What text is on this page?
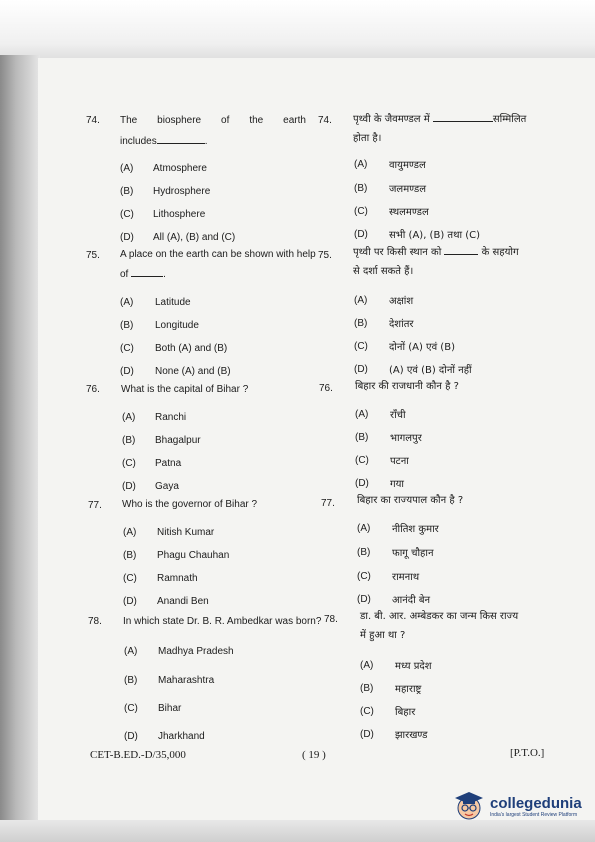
74. The biosphere of the earth
includes	.
74. पृथ्वी के जैवमण्डल में	सम्मिलित
होता है।
75. A place on the earth can be shown with help
of	.
75. पृथ्वी पर किसी स्थान को	के सहयोग
से दर्शा सकते हैं।
76. What is the capital of Bihar ?	76. बिहार की राजधानी कौन है ?
77. Who is the governor of Bihar ?	77. बिहार का राज्यपाल कौन है ?
78. In which state Dr. B. R. Ambedkar was born? 78. डा. बी. आर. अम्बेडकर का जन्म किस राज्य
में हुआ था ?
(A) Atmosphere	(A) वायुमण्डल
(B) Hydrosphere	(B) जलमण्डल
(C) Lithosphere	(C) स्थलमण्डल
(D) All (A), (B) and (C)	(D) सभी (A), (B) तथा (C)
(A) Latitude	(A) अक्षांश
(B) Longitude	(B) देशांतर
(C) Both (A) and (B)	(C) दोनों (A) एवं (B)
(D) None (A) and (B)	(D) (A) एवं (B) दोनों नहीं
(A) Ranchi	(A) राँची
(B) Bhagalpur	(B) भागलपुर
(C) Patna	(C) पटना
(D) Gaya	(D) गया
(A) Nitish Kumar	(A) नीतिश कुमार
(B) Phagu Chauhan	(B) फागू चौहान
(C) Ramnath	(C) रामनाथ
(D) Anandi Ben	(D) आनंदी बेन
(A) Madhya Pradesh
(A) मध्य प्रदेश
(B) Maharashtra
(B) महाराष्ट्र
(C) Bihar	(C) बिहार
(D) Jharkhand	(D) झारखण्ड
CET-B.ED.-D/35,000	( 19 )	[P.T.O.]
collegedunia
India's largest Student Review Platform
